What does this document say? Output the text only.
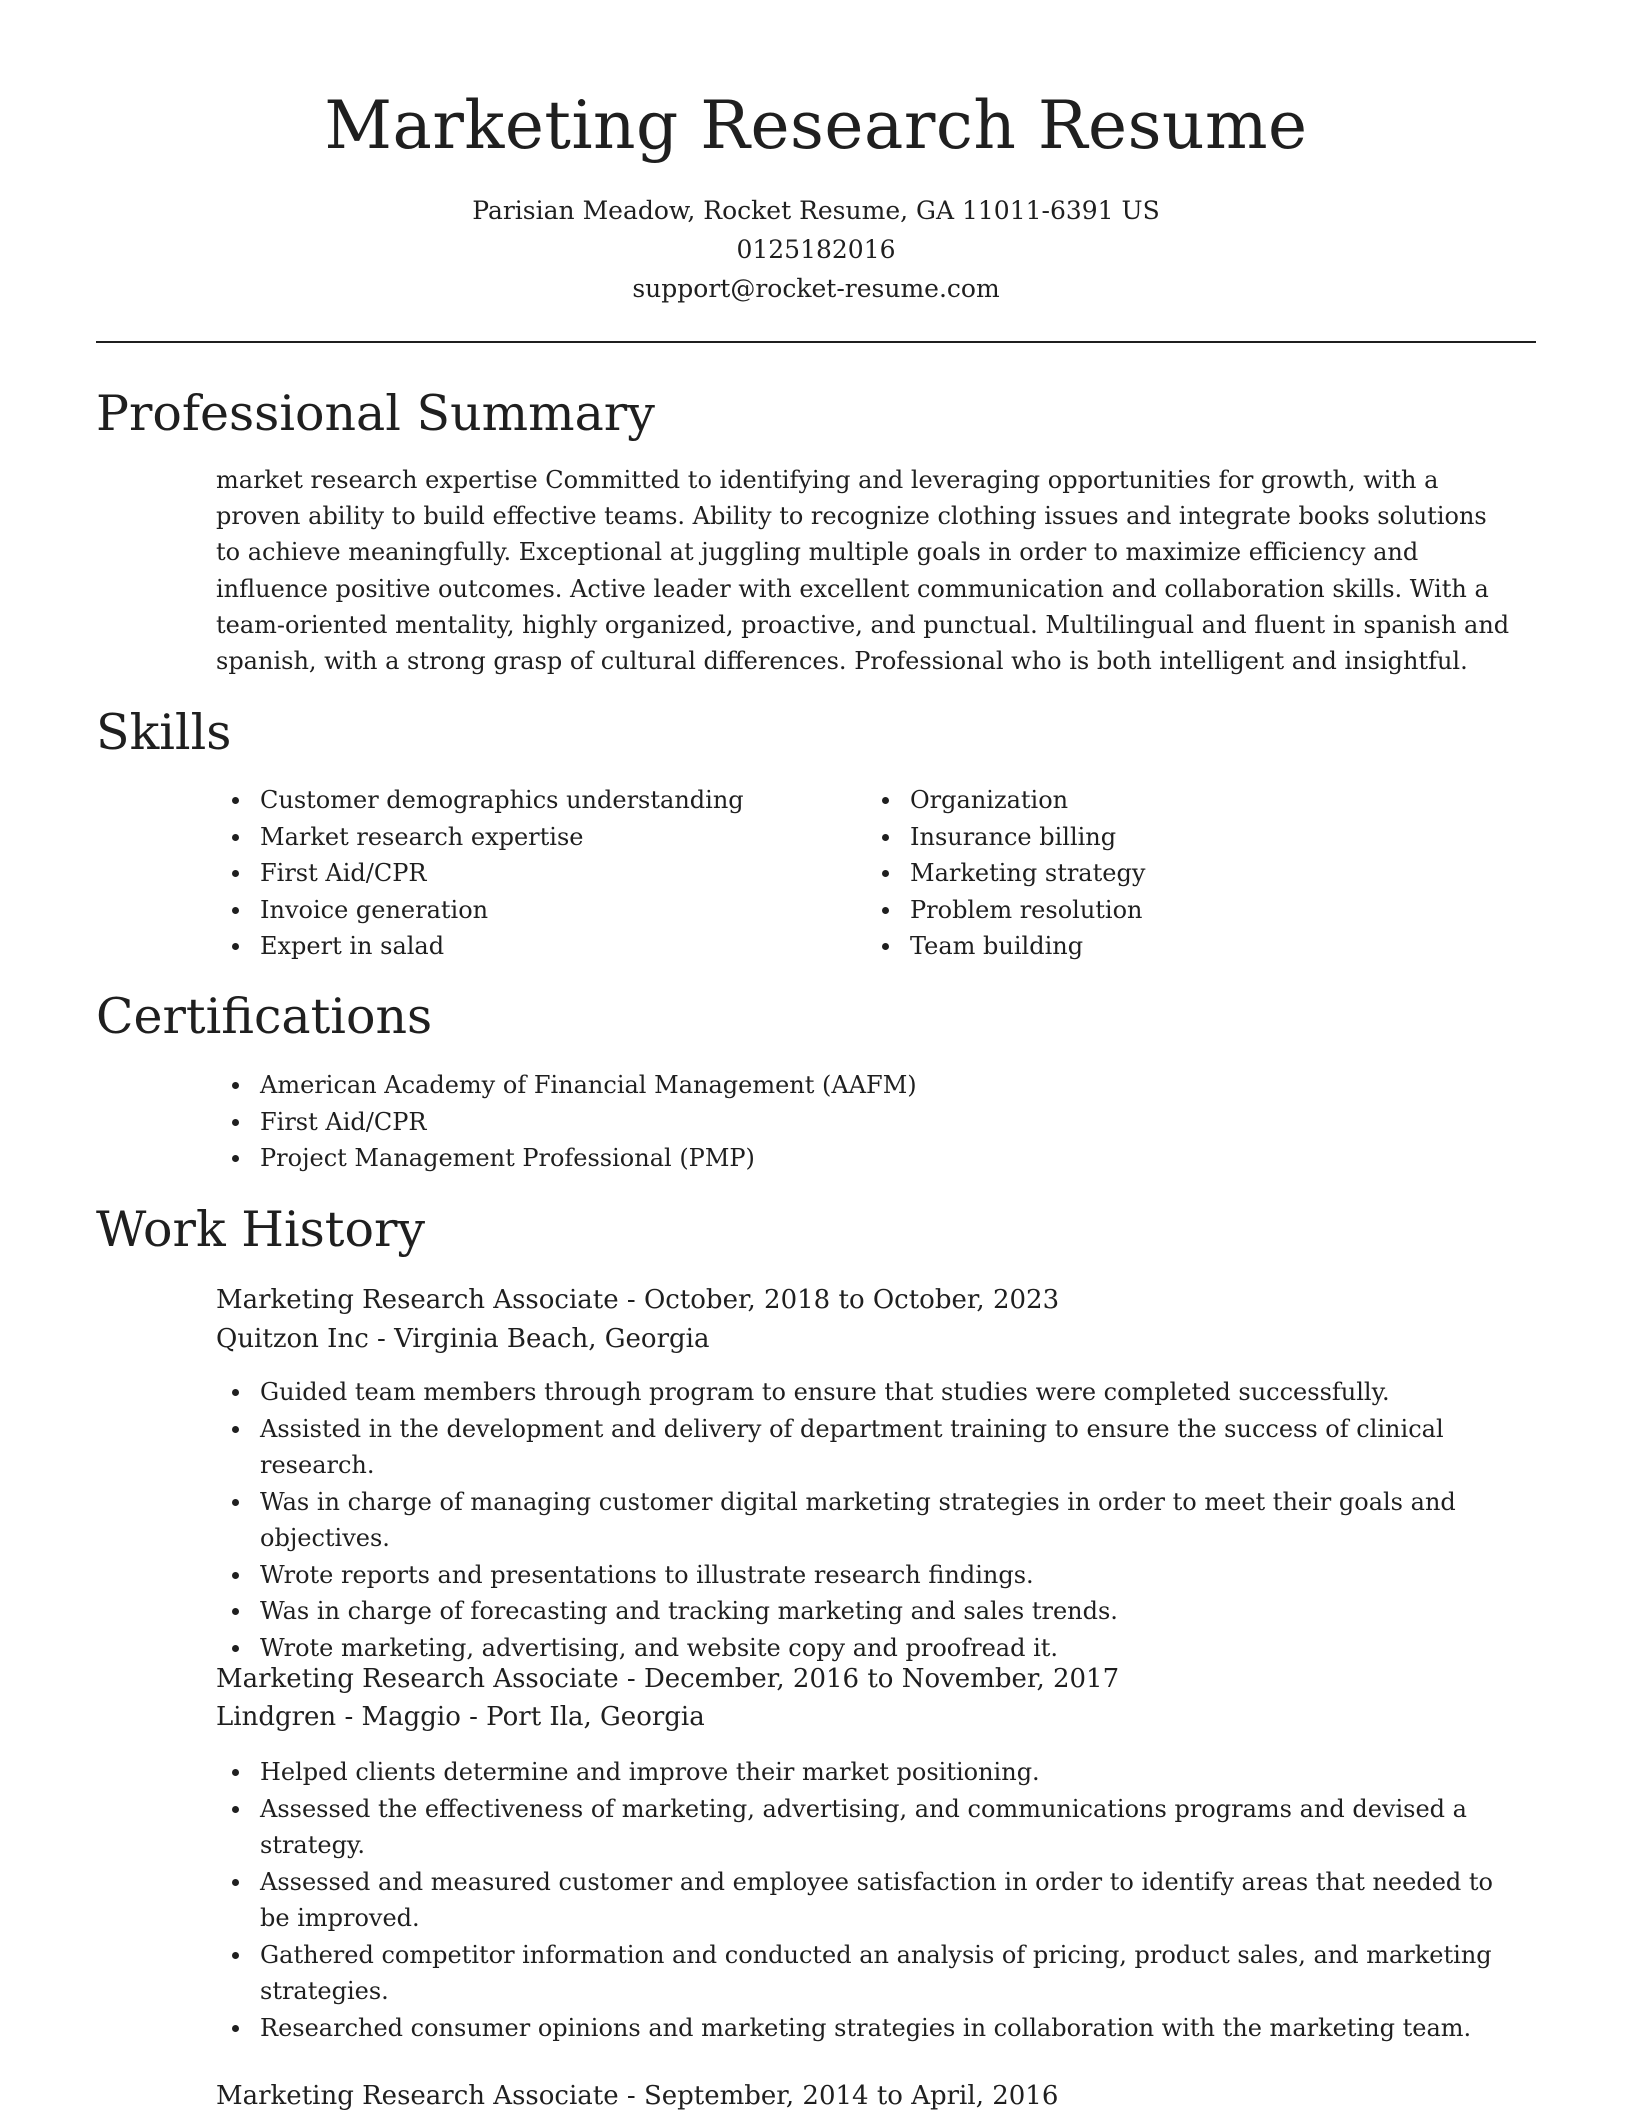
Marketing Research Resume
Parisian Meadow, Rocket Resume, GA 11011-6391 US
0125182016
support@rocket-resume.com
Professional Summary

market research expertise Committed to identifying and leveraging opportunities for growth, with a proven ability to build effective teams. Ability to recognize clothing issues and integrate books solutions to achieve meaningfully. Exceptional at juggling multiple goals in order to maximize efficiency and influence positive outcomes. Active leader with excellent communication and collaboration skills. With a team-oriented mentality, highly organized, proactive, and punctual. Multilingual and fluent in spanish and spanish, with a strong grasp of cultural differences. Professional who is both intelligent and insightful.

Skills
Customer demographics understanding
Market research expertise
First Aid/CPR
Invoice generation
Expert in salad
Organization
Insurance billing
Marketing strategy
Problem resolution
Team building
Certifications
American Academy of Financial Management (AAFM)
First Aid/CPR
Project Management Professional (PMP)
Work History
Marketing Research Associate - October, 2018 to October, 2023
Quitzon Inc - Virginia Beach, Georgia
Guided team members through program to ensure that studies were completed successfully.
Assisted in the development and delivery of department training to ensure the success of clinical research.
Was in charge of managing customer digital marketing strategies in order to meet their goals and objectives.
Wrote reports and presentations to illustrate research findings.
Was in charge of forecasting and tracking marketing and sales trends.
Wrote marketing, advertising, and website copy and proofread it.
Marketing Research Associate - December, 2016 to November, 2017
Lindgren - Maggio - Port Ila, Georgia
Helped clients determine and improve their market positioning.
Assessed the effectiveness of marketing, advertising, and communications programs and devised a strategy.
Assessed and measured customer and employee satisfaction in order to identify areas that needed to be improved.
Gathered competitor information and conducted an analysis of pricing, product sales, and marketing strategies.
Researched consumer opinions and marketing strategies in collaboration with the marketing team.
Marketing Research Associate - September, 2014 to April, 2016
